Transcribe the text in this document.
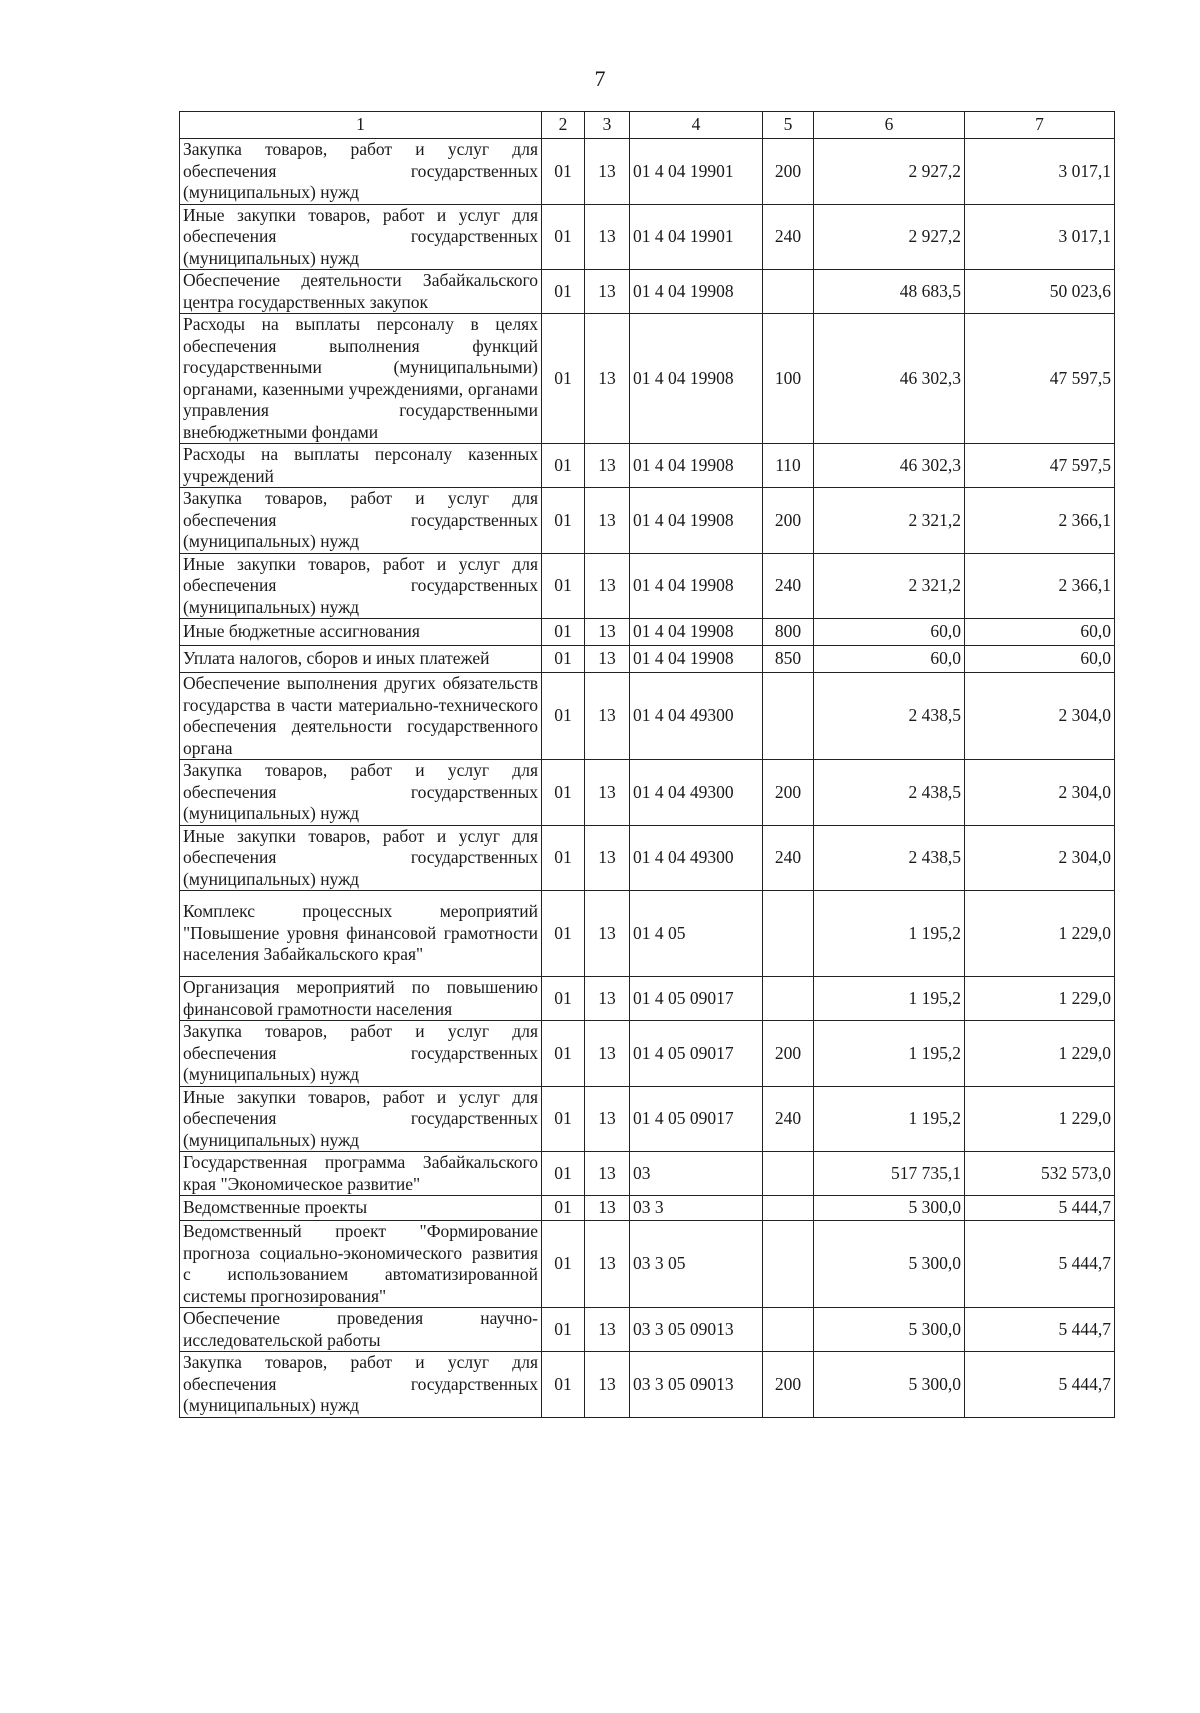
7
1	2	3	4	5	6	7
Закупка товаров, работ и услуг для обеспечения государственных (муниципальных) нужд	01	13	01 4 04 19901	200	2 927,2	3 017,1
Иные закупки товаров, работ и услуг для обеспечения государственных (муниципальных) нужд	01	13	01 4 04 19901	240	2 927,2	3 017,1
Обеспечение деятельности Забайкальского центра государственных закупок	01	13	01 4 04 19908		48 683,5	50 023,6
Расходы на выплаты персоналу в целях обеспечения выполнения функций государственными (муниципальными) органами, казенными учреждениями, органами управления государственными внебюджетными фондами	01	13	01 4 04 19908	100	46 302,3	47 597,5
Расходы на выплаты персоналу казенных учреждений	01	13	01 4 04 19908	110	46 302,3	47 597,5
Закупка товаров, работ и услуг для обеспечения государственных (муниципальных) нужд	01	13	01 4 04 19908	200	2 321,2	2 366,1
Иные закупки товаров, работ и услуг для обеспечения государственных (муниципальных) нужд	01	13	01 4 04 19908	240	2 321,2	2 366,1
Иные бюджетные ассигнования	01	13	01 4 04 19908	800	60,0	60,0
Уплата налогов, сборов и иных платежей	01	13	01 4 04 19908	850	60,0	60,0
Обеспечение выполнения других обязательств государства в части материально-технического обеспечения деятельности государственного органа	01	13	01 4 04 49300		2 438,5	2 304,0
Закупка товаров, работ и услуг для обеспечения государственных (муниципальных) нужд	01	13	01 4 04 49300	200	2 438,5	2 304,0
Иные закупки товаров, работ и услуг для обеспечения государственных (муниципальных) нужд	01	13	01 4 04 49300	240	2 438,5	2 304,0
Комплекс процессных мероприятий "Повышение уровня финансовой грамотности населения Забайкальского края"	01	13	01 4 05		1 195,2	1 229,0
Организация мероприятий по повышению финансовой грамотности населения	01	13	01 4 05 09017		1 195,2	1 229,0
Закупка товаров, работ и услуг для обеспечения государственных (муниципальных) нужд	01	13	01 4 05 09017	200	1 195,2	1 229,0
Иные закупки товаров, работ и услуг для обеспечения государственных (муниципальных) нужд	01	13	01 4 05 09017	240	1 195,2	1 229,0
Государственная программа Забайкальского края "Экономическое развитие"	01	13	03		517 735,1	532 573,0
Ведомственные проекты	01	13	03 3		5 300,0	5 444,7
Ведомственный проект "Формирование прогноза социально-экономического развития с использованием автоматизированной системы прогнозирования"	01	13	03 3 05		5 300,0	5 444,7
Обеспечение проведения научно-исследовательской работы	01	13	03 3 05 09013		5 300,0	5 444,7
Закупка товаров, работ и услуг для обеспечения государственных (муниципальных) нужд	01	13	03 3 05 09013	200	5 300,0	5 444,7
